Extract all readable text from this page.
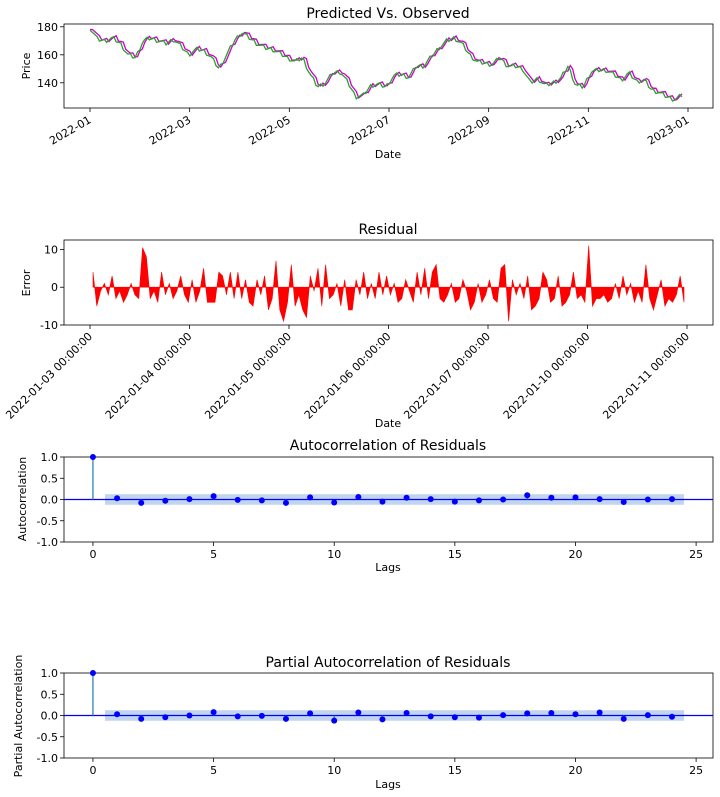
Predicted Vs. Observed
140
160
180
2022-01	2022-03	2022-05	2022-07	2022-09	2022-11	2023-01
Date
Price
Residual
-10
0
10
2022-01-03 00:00:00 2022-01-04 00:00:00 2022-01-05 00:00:00 2022-01-06 00:00:00 2022-01-07 00:00:00 2022-01-10 00:00:00 2022-01-11 00:00:00
Date
Error
Autocorrelation of Residuals
-1.0
-0.5
0.0
0.5
1.0
0	5	10	15	20	25
Lags
Autocorrelation
Partial Autocorrelation of Residuals
-1.0
-0.5
0.0
0.5
1.0
0	5	10	15	20	25
Lags
Partial Autocorrelation
